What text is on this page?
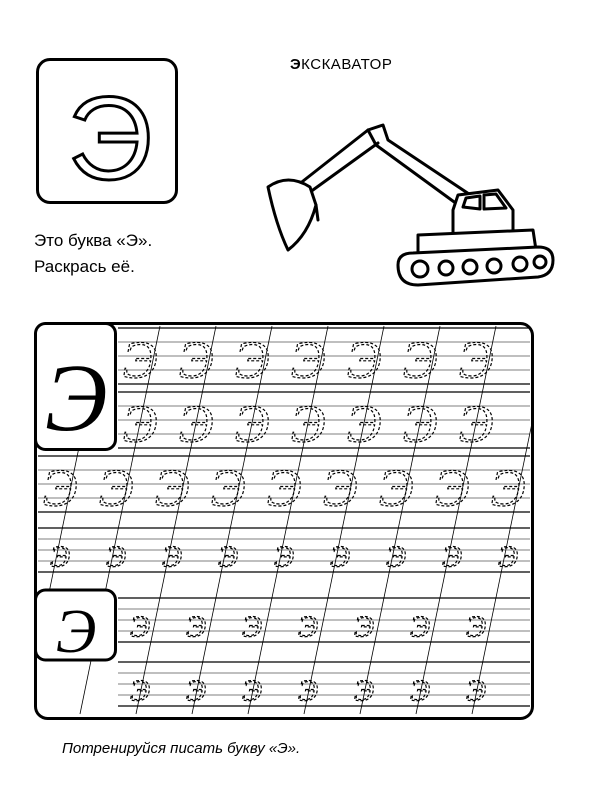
Э
ЭКСКАВАТОР
Это буква «Э».
Раскрась её.
Э
Э
Э Э Э Э Э Э Э
Э Э Э Э Э Э Э
Э Э Э Э Э Э Э Э Э
Э Э Э Э Э Э Э Э Э
Э Э Э Э Э Э Э
Э Э Э Э Э Э Э
Потренируйся писать букву «Э».
